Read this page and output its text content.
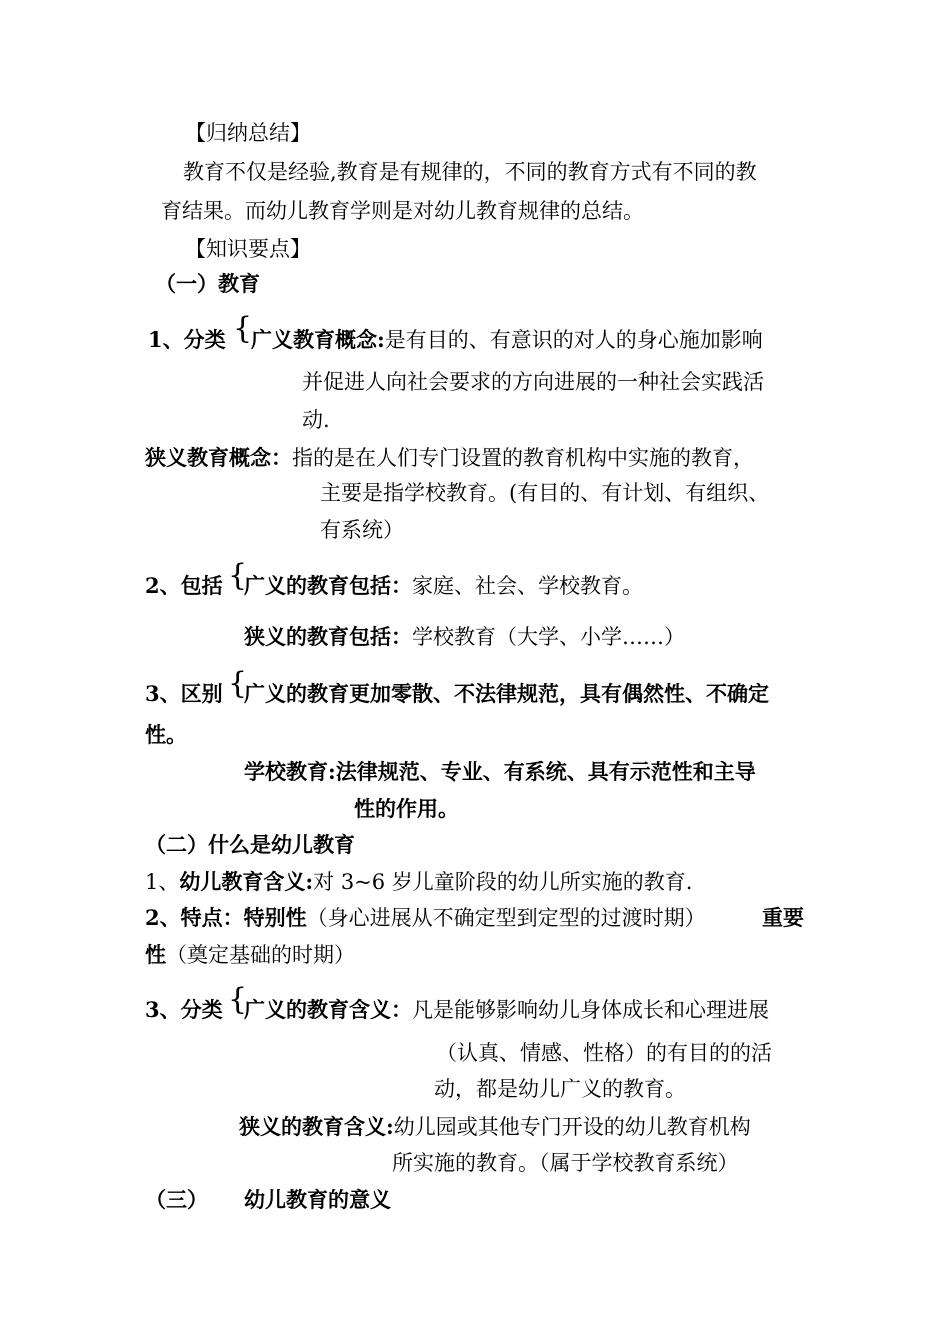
【归纳总结】
教育不仅是经验,教育是有规律的，不同的教育方式有不同的教
育结果。而幼儿教育学则是对幼儿教育规律的总结。
【知识要点】
（一）教育
1、分类 {
广义教育概念:是有目的、有意识的对人的身心施加影响
并促进人向社会要求的方向进展的一种社会实践活
动.
狭义教育概念：指的是在人们专门设置的教育机构中实施的教育，
主要是指学校教育。(有目的、有计划、有组织、
有系统）
2、包括 {
广义的教育包括：家庭、社会、学校教育。
狭义的教育包括：学校教育（大学、小学……）
3、区别 {
广义的教育更加零散、不法律规范，具有偶然性、不确定
性。
学校教育:法律规范、专业、有系统、具有示范性和主导
性的作用。
（二）什么是幼儿教育
1、幼儿教育含义:对 3~6 岁儿童阶段的幼儿所实施的教育.
2、特点：特别性（身心进展从不确定型到定型的过渡时期）	重要
性（奠定基础的时期）
3、分类 {
广义的教育含义：凡是能够影响幼儿身体成长和心理进展
（认真、情感、性格）的有目的的活
动，都是幼儿广义的教育。
狭义的教育含义:幼儿园或其他专门开设的幼儿教育机构
所实施的教育。（属于学校教育系统）
（三） 幼儿教育的意义
